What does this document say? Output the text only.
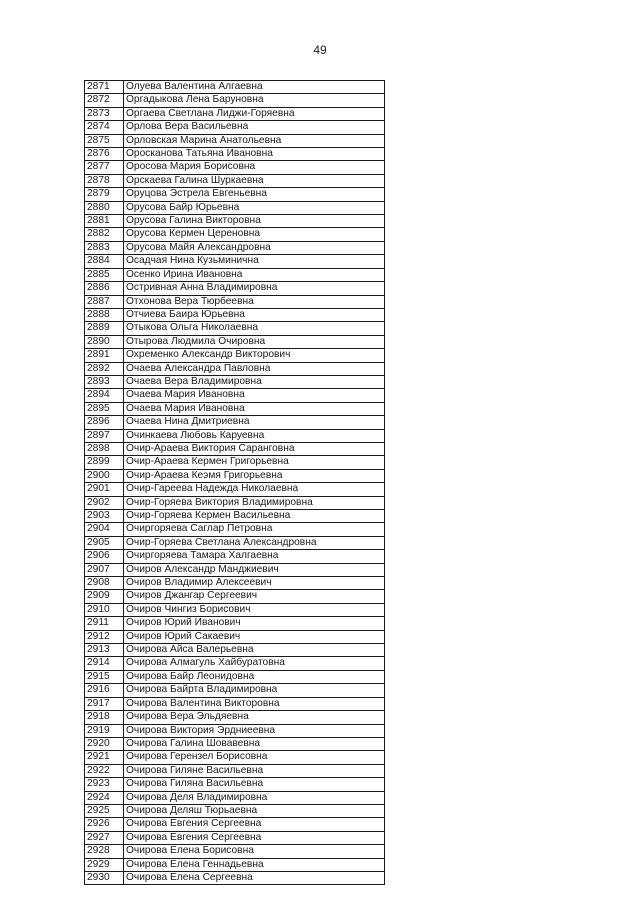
49
2871	Олуева Валентина Алгаевна
2872	Оргадыкова Лена Баруновна
2873	Оргаева Светлана Лиджи-Горяевна
2874	Орлова Вера Васильевна
2875	Орловская Марина Анатольевна
2876	Оросканова Татьяна Ивановна
2877	Оросова Мария Борисовна
2878	Орскаева Галина Шуркаевна
2879	Оруцова Эстрела Евгеньевна
2880	Орусова Байр Юрьевна
2881	Орусова Галина Викторовна
2882	Орусова Кермен Цереновна
2883	Орусова Майя Александровна
2884	Осадчая Нина Кузьминична
2885	Осенко Ирина Ивановна
2886	Остривная Анна Владимировна
2887	Отхонова Вера Тюрбеевна
2888	Отчиева Баира Юрьевна
2889	Отыкова Ольга Николаевна
2890	Отырова Людмила Очировна
2891	Охременко Александр Викторович
2892	Очаева Александра Павловна
2893	Очаева Вера Владимировна
2894	Очаева Мария Ивановна
2895	Очаева Мария Ивановна
2896	Очаева Нина Дмитриевна
2897	Очинкаева Любовь Каруевна
2898	Очир-Араева Виктория Саранговна
2899	Очир-Араева Кермен Григорьевна
2900	Очир-Араева Кеэмя Григорьевна
2901	Очир-Гареева Надежда Николаевна
2902	Очир-Горяева Виктория Владимировна
2903	Очир-Горяева Кермен Васильевна
2904	Очиргоряева Саглар Петровна
2905	Очир-Горяева Светлана Александровна
2906	Очиргоряева Тамара Халгаевна
2907	Очиров Александр Манджиевич
2908	Очиров Владимир Алексеевич
2909	Очиров Джангар Сергеевич
2910	Очиров Чингиз Борисович
2911	Очиров Юрий Иванович
2912	Очиров Юрий Сакаевич
2913	Очирова Айса Валерьевна
2914	Очирова Алмагуль Хайбуратовна
2915	Очирова Байр Леонидовна
2916	Очирова Байрта Владимировна
2917	Очирова Валентина Викторовна
2918	Очирова Вера Эльдяевна
2919	Очирова Виктория Эрдниеевна
2920	Очирова Галина Шовавевна
2921	Очирова Герензел Борисовна
2922	Очирова Гиляне Васильевна
2923	Очирова Гиляна Васильевна
2924	Очирова Деля Владимировна
2925	Очирова Деляш Тюрьаевна
2926	Очирова Евгения Сергеевна
2927	Очирова Евгения Сергеевна
2928	Очирова Елена Борисовна
2929	Очирова Елена Геннадьевна
2930	Очирова Елена Сергеевна
